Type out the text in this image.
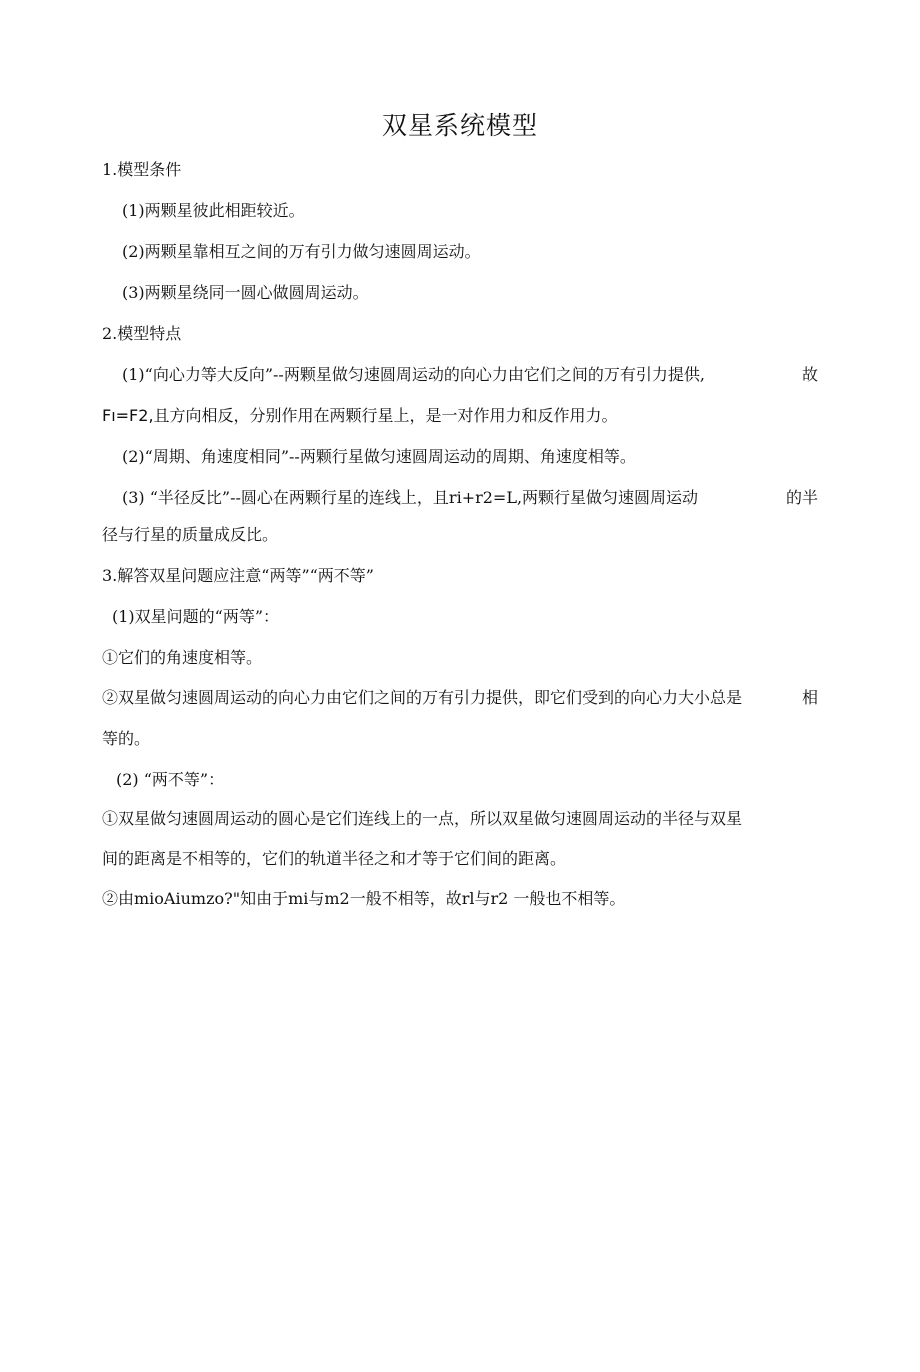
双星系统模型
1.模型条件
(1)两颗星彼此相距较近。
(2)两颗星靠相互之间的万有引力做匀速圆周运动。
(3)两颗星绕同一圆心做圆周运动。
2.模型特点
(1)“向心力等大反向”--两颗星做匀速圆周运动的向心力由它们之间的万有引力提供,	故
Fı=F2,且方向相反，分别作用在两颗行星上，是一对作用力和反作用力。
(2)“周期、角速度相同”--两颗行星做匀速圆周运动的周期、角速度相等。
(3) “半径反比”--圆心在两颗行星的连线上，且ri+r2=L,两颗行星做匀速圆周运动	的半
径与行星的质量成反比。
3.解答双星问题应注意“两等”“两不等”
(1)双星问题的“两等”：
①它们的角速度相等。
②双星做匀速圆周运动的向心力由它们之间的万有引力提供，即它们受到的向心力大小总是	相
等的。
(2) “两不等”：
①双星做匀速圆周运动的圆心是它们连线上的一点，所以双星做匀速圆周运动的半径与双星
间的距离是不相等的，它们的轨道半径之和才等于它们间的距离。
②由mioAiumzo?"知由于mi与m2一般不相等，故rl与r2 一般也不相等。
